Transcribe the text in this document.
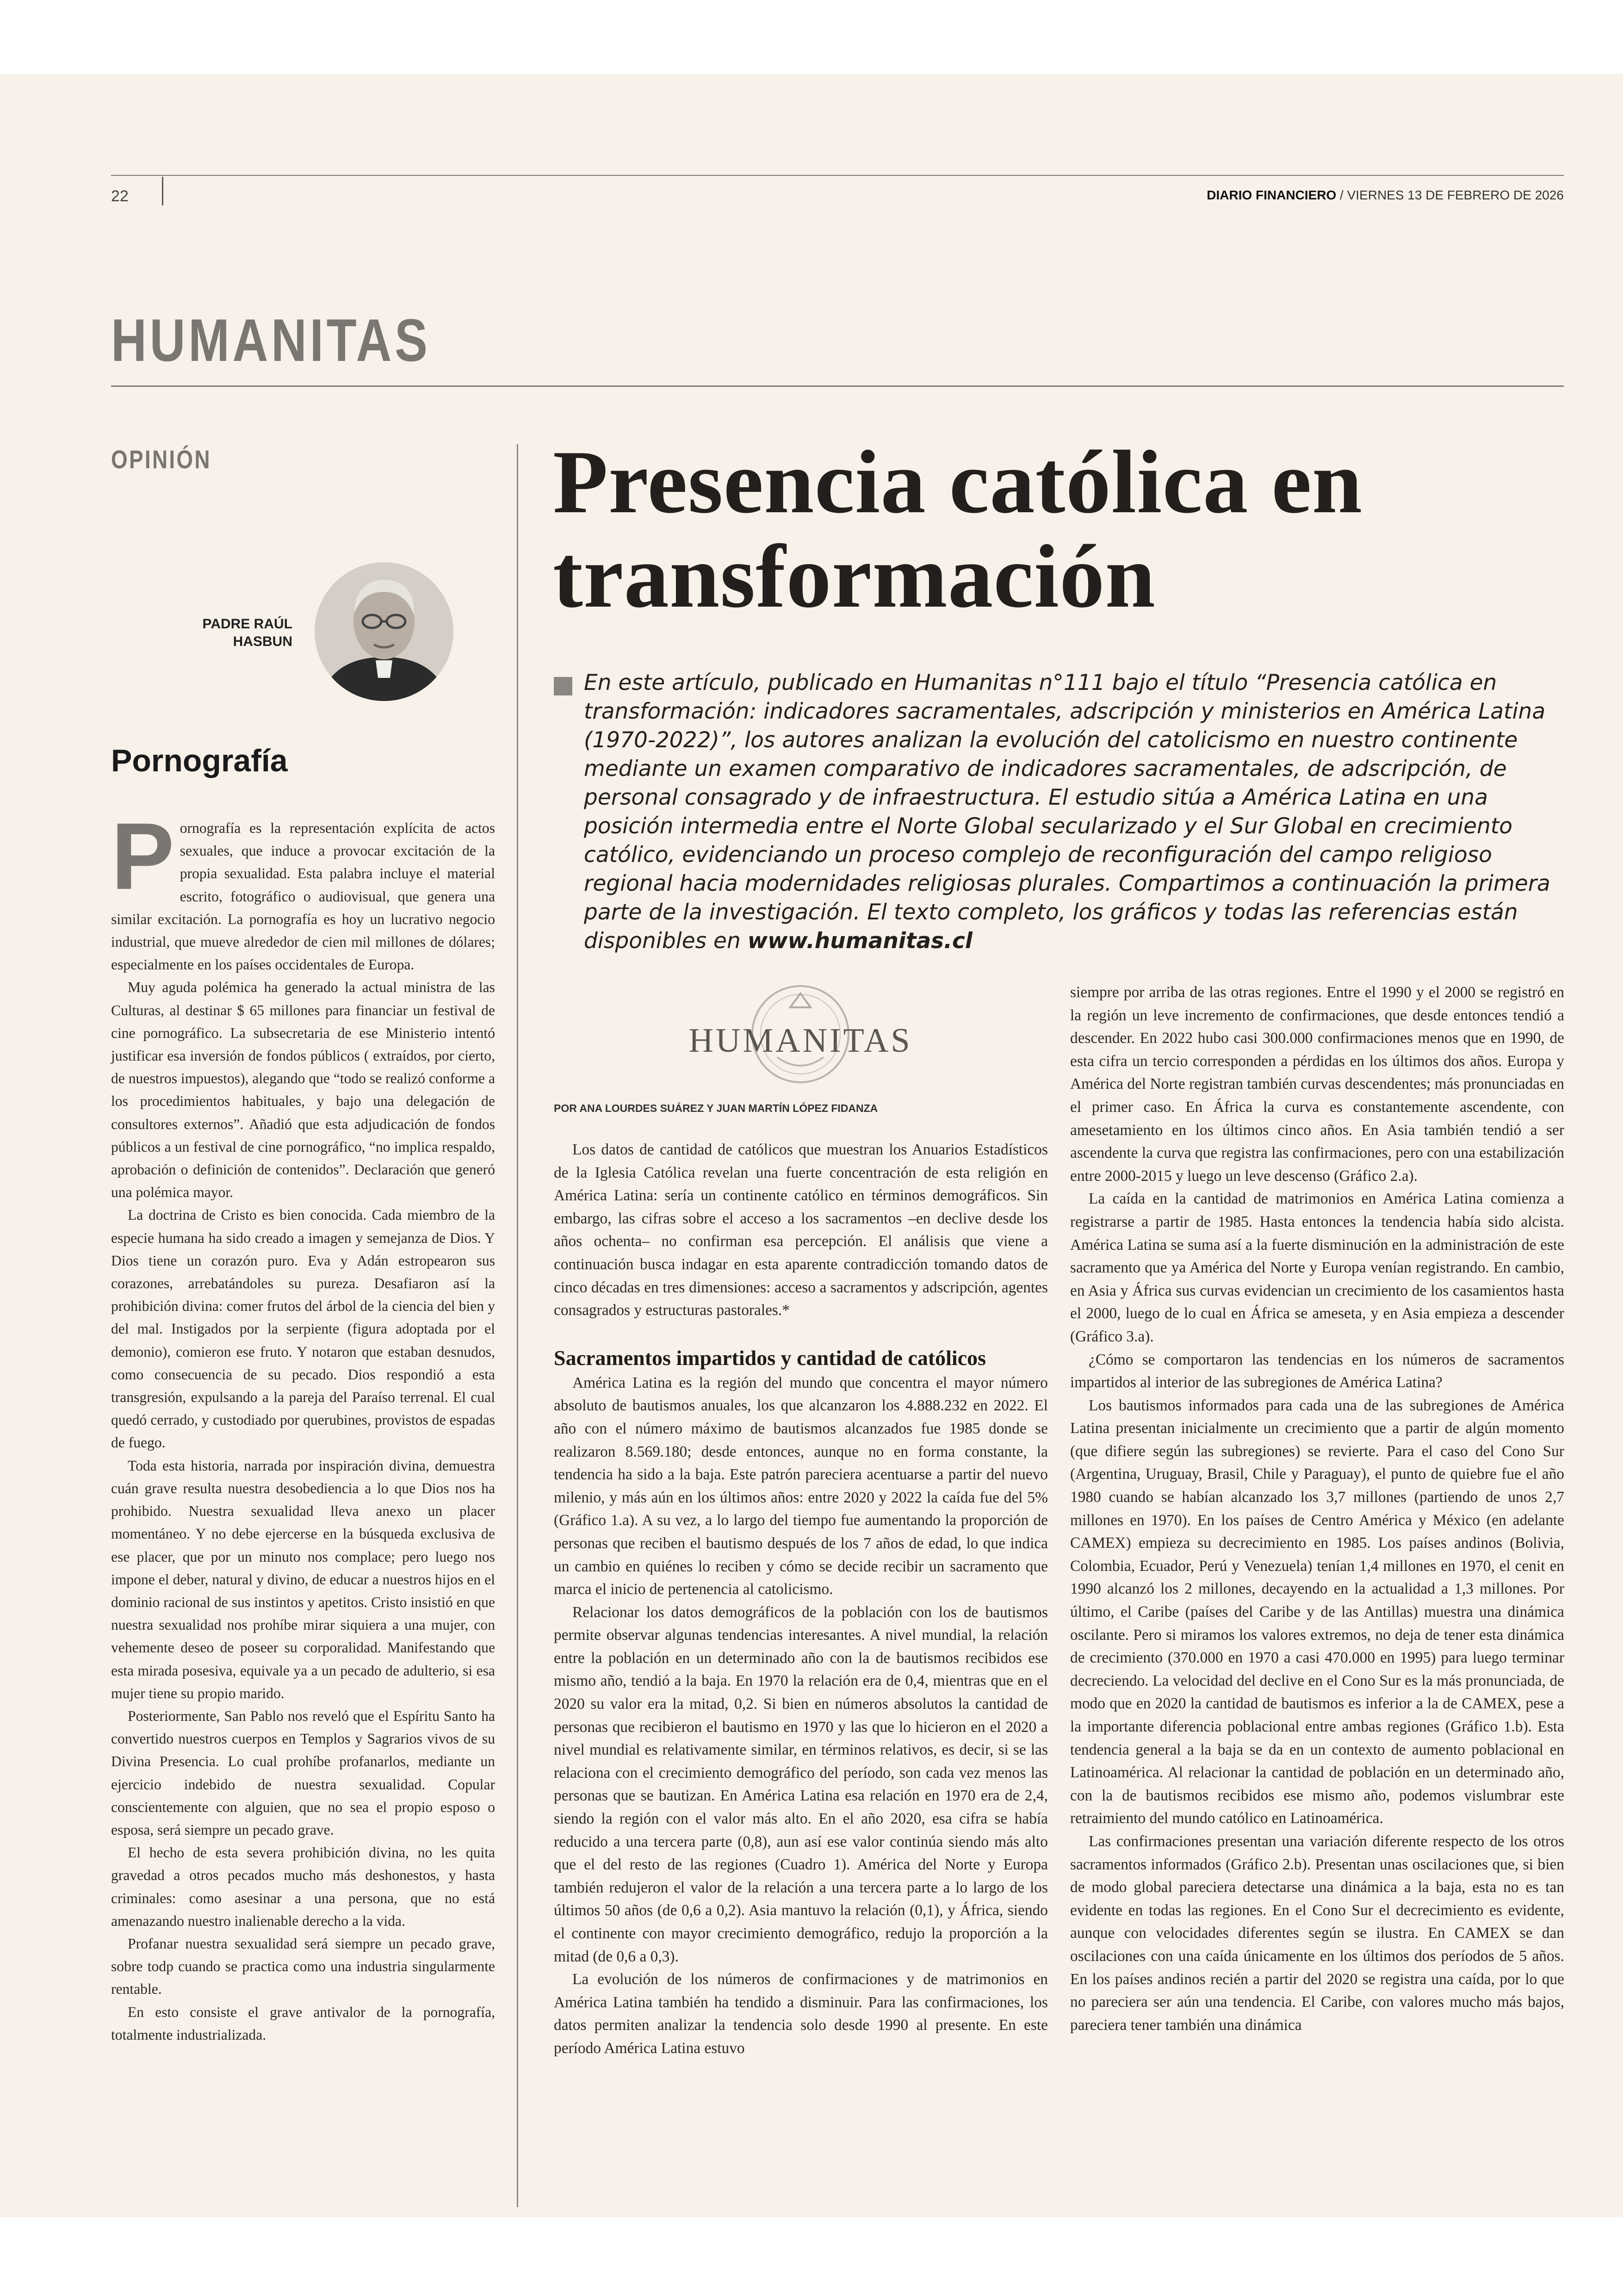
22	DIARIO FINANCIERO / VIERNES 13 DE FEBRERO DE 2026
HUMANITAS
OPINIÓN
PADRE RAÚL
HASBUN
Pornografía

Pornografía es la representación explícita de actos sexuales, que induce a provocar excitación de la propia sexualidad. Esta palabra incluye el material escrito, fotográfico o audiovisual, que genera una similar excitación. La pornografía es hoy un lucrativo negocio industrial, que mueve alrededor de cien mil millones de dólares; especialmente en los países occidentales de Europa.

Muy aguda polémica ha generado la actual ministra de las Culturas, al destinar $ 65 millones para financiar un festival de cine pornográfico. La subsecretaria de ese Ministerio intentó justificar esa inversión de fondos públicos ( extraídos, por cierto, de nuestros impuestos), alegando que “todo se realizó conforme a los procedimientos habituales, y bajo una delegación de consultores externos”. Añadió que esta adjudicación de fondos públicos a un festival de cine pornográfico, “no implica respaldo, aprobación o definición de contenidos”. Declaración que generó una polémica mayor.

La doctrina de Cristo es bien conocida. Cada miembro de la especie humana ha sido creado a imagen y semejanza de Dios. Y Dios tiene un corazón puro. Eva y Adán estropearon sus corazones, arrebatándoles su pureza. Desafiaron así la prohibición divina: comer frutos del árbol de la ciencia del bien y del mal. Instigados por la serpiente (figura adoptada por el demonio), comieron ese fruto. Y notaron que estaban desnudos, como consecuencia de su pecado. Dios respondió a esta transgresión, expulsando a la pareja del Paraíso terrenal. El cual quedó cerrado, y custodiado por querubines, provistos de espadas de fuego.

Toda esta historia, narrada por inspiración divina, demuestra cuán grave resulta nuestra desobediencia a lo que Dios nos ha prohibido. Nuestra sexualidad lleva anexo un placer momentáneo. Y no debe ejercerse en la búsqueda exclusiva de ese placer, que por un minuto nos complace; pero luego nos impone el deber, natural y divino, de educar a nuestros hijos en el dominio racional de sus instintos y apetitos. Cristo insistió en que nuestra sexualidad nos prohíbe mirar siquiera a una mujer, con vehemente deseo de poseer su corporalidad. Manifestando que esta mirada posesiva, equivale ya a un pecado de adulterio, si esa mujer tiene su propio marido.

Posteriormente, San Pablo nos reveló que el Espíritu Santo ha convertido nuestros cuerpos en Templos y Sagrarios vivos de su Divina Presencia. Lo cual prohíbe profanarlos, mediante un ejercicio indebido de nuestra sexualidad. Copular conscientemente con alguien, que no sea el propio esposo o esposa, será siempre un pecado grave.

El hecho de esta severa prohibición divina, no les quita gravedad a otros pecados mucho más deshonestos, y hasta criminales: como asesinar a una persona, que no está amenazando nuestro inalienable derecho a la vida.

Profanar nuestra sexualidad será siempre un pecado grave, sobre todp cuando se practica como una industria singularmente rentable.

En esto consiste el grave antivalor de la pornografía, totalmente industrializada.

Presencia católica en transformación
En este artículo, publicado en Humanitas n°111 bajo el título “Presencia católica en transformación: indicadores sacramentales, adscripción y ministerios en América Latina (1970-2022)”, los autores analizan la evolución del catolicismo en nuestro continente mediante un examen comparativo de indicadores sacramentales, de adscripción, de personal consagrado y de infraestructura. El estudio sitúa a América Latina en una posición intermedia entre el Norte Global secularizado y el Sur Global en crecimiento católico, evidenciando un proceso complejo de reconfiguración del campo religioso regional hacia modernidades religiosas plurales. Compartimos a continuación la primera parte de la investigación. El texto completo, los gráficos y todas las referencias están disponibles en www.humanitas.cl
HUMANITAS
POR ANA LOURDES SUÁREZ Y JUAN MARTÍN LÓPEZ FIDANZA

Los datos de cantidad de católicos que muestran los Anuarios Estadísticos de la Iglesia Católica revelan una fuerte concentración de esta religión en América Latina: sería un continente católico en términos demográficos. Sin embargo, las cifras sobre el acceso a los sacramentos –en declive desde los años ochenta– no confirman esa percepción. El análisis que viene a continuación busca indagar en esta aparente contradicción tomando datos de cinco décadas en tres dimensiones: acceso a sacramentos y adscripción, agentes consagrados y estructuras pastorales.*

Sacramentos impartidos y cantidad de católicos

América Latina es la región del mundo que concentra el mayor número absoluto de bautismos anuales, los que alcanzaron los 4.888.232 en 2022. El año con el número máximo de bautismos alcanzados fue 1985 donde se realizaron 8.569.180; desde entonces, aunque no en forma constante, la tendencia ha sido a la baja. Este patrón pareciera acentuarse a partir del nuevo milenio, y más aún en los últimos años: entre 2020 y 2022 la caída fue del 5% (Gráfico 1.a). A su vez, a lo largo del tiempo fue aumentando la proporción de personas que reciben el bautismo después de los 7 años de edad, lo que indica un cambio en quiénes lo reciben y cómo se decide recibir un sacramento que marca el inicio de pertenencia al catolicismo.

Relacionar los datos demográficos de la población con los de bautismos permite observar algunas tendencias interesantes. A nivel mundial, la relación entre la población en un determinado año con la de bautismos recibidos ese mismo año, tendió a la baja. En 1970 la relación era de 0,4, mientras que en el 2020 su valor era la mitad, 0,2. Si bien en números absolutos la cantidad de personas que recibieron el bautismo en 1970 y las que lo hicieron en el 2020 a nivel mundial es relativamente similar, en términos relativos, es decir, si se las relaciona con el crecimiento demográfico del período, son cada vez menos las personas que se bautizan. En América Latina esa relación en 1970 era de 2,4, siendo la región con el valor más alto. En el año 2020, esa cifra se había reducido a una tercera parte (0,8), aun así ese valor continúa siendo más alto que el del resto de las regiones (Cuadro 1). América del Norte y Europa también redujeron el valor de la relación a una tercera parte a lo largo de los últimos 50 años (de 0,6 a 0,2). Asia mantuvo la relación (0,1), y África, siendo el continente con mayor crecimiento demográfico, redujo la proporción a la mitad (de 0,6 a 0,3).

La evolución de los números de confirmaciones y de matrimonios en América Latina también ha tendido a disminuir. Para las confirmaciones, los datos permiten analizar la tendencia solo desde 1990 al presente. En este período América Latina estuvo

siempre por arriba de las otras regiones. Entre el 1990 y el 2000 se registró en la región un leve incremento de confirmaciones, que desde entonces tendió a descender. En 2022 hubo casi 300.000 confirmaciones menos que en 1990, de esta cifra un tercio corresponden a pérdidas en los últimos dos años. Europa y América del Norte registran también curvas descendentes; más pronunciadas en el primer caso. En África la curva es constantemente ascendente, con amesetamiento en los últimos cinco años. En Asia también tendió a ser ascendente la curva que registra las confirmaciones, pero con una estabilización entre 2000-2015 y luego un leve descenso (Gráfico 2.a).

La caída en la cantidad de matrimonios en América Latina comienza a registrarse a partir de 1985. Hasta entonces la tendencia había sido alcista. América Latina se suma así a la fuerte disminución en la administración de este sacramento que ya América del Norte y Europa venían registrando. En cambio, en Asia y África sus curvas evidencian un crecimiento de los casamientos hasta el 2000, luego de lo cual en África se ameseta, y en Asia empieza a descender (Gráfico 3.a).

¿Cómo se comportaron las tendencias en los números de sacramentos impartidos al interior de las subregiones de América Latina?

Los bautismos informados para cada una de las subregiones de América Latina presentan inicialmente un crecimiento que a partir de algún momento (que difiere según las subregiones) se revierte. Para el caso del Cono Sur (Argentina, Uruguay, Brasil, Chile y Paraguay), el punto de quiebre fue el año 1980 cuando se habían alcanzado los 3,7 millones (partiendo de unos 2,7 millones en 1970). En los países de Centro América y México (en adelante CAMEX) empieza su decrecimiento en 1985. Los países andinos (Bolivia, Colombia, Ecuador, Perú y Venezuela) tenían 1,4 millones en 1970, el cenit en 1990 alcanzó los 2 millones, decayendo en la actualidad a 1,3 millones. Por último, el Caribe (países del Caribe y de las Antillas) muestra una dinámica oscilante. Pero si miramos los valores extremos, no deja de tener esta dinámica de crecimiento (370.000 en 1970 a casi 470.000 en 1995) para luego terminar decreciendo. La velocidad del declive en el Cono Sur es la más pronunciada, de modo que en 2020 la cantidad de bautismos es inferior a la de CAMEX, pese a la importante diferencia poblacional entre ambas regiones (Gráfico 1.b). Esta tendencia general a la baja se da en un contexto de aumento poblacional en Latinoamérica. Al relacionar la cantidad de población en un determinado año, con la de bautismos recibidos ese mismo año, podemos vislumbrar este retraimiento del mundo católico en Latinoamérica.

Las confirmaciones presentan una variación diferente respecto de los otros sacramentos informados (Gráfico 2.b). Presentan unas oscilaciones que, si bien de modo global pareciera detectarse una dinámica a la baja, esta no es tan evidente en todas las regiones. En el Cono Sur el decrecimiento es evidente, aunque con velocidades diferentes según se ilustra. En CAMEX se dan oscilaciones con una caída únicamente en los últimos dos períodos de 5 años. En los países andinos recién a partir del 2020 se registra una caída, por lo que no pareciera ser aún una tendencia. El Caribe, con valores mucho más bajos, pareciera tener también una dinámica
